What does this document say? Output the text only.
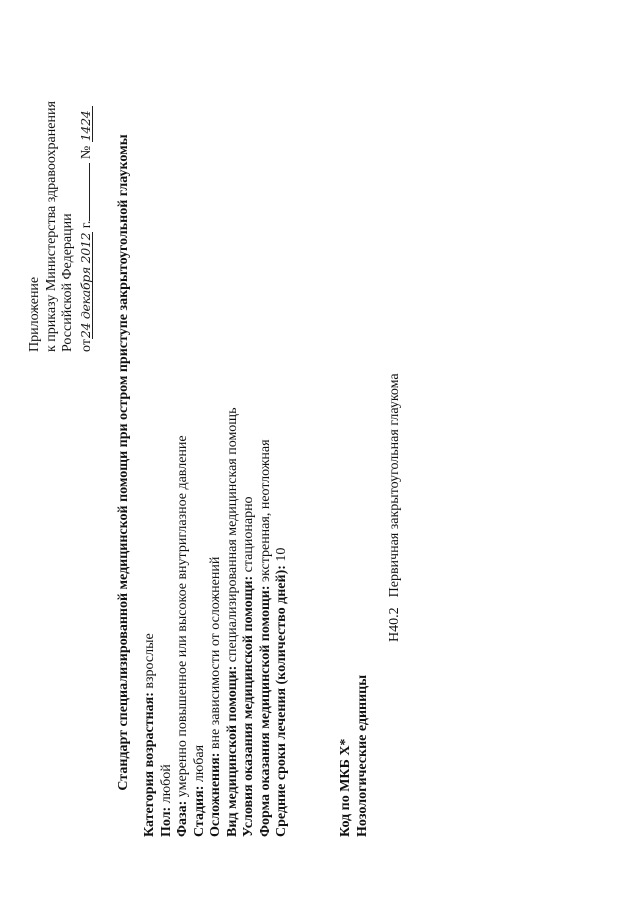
Приложение к приказу Министерства здравоохранения Российской Федерации от24 декабря 2012 г. № 1424
Стандарт специализированной медицинской помощи при остром приступе закрытоугольной глаукомы Категория возрастная: взрослые
Пол: любой
Фаза: умеренно повышенное или высокое внутриглазное давление
Стадия: любая Осложнения: вне зависимости от осложнений
Вид медицинской помощи: специализированная медицинская помощь
Условия оказания медицинской помощи: стационарно
Форма оказания медицинской помощи: экстренная, неотложная
Средние сроки лечения (количество дней): 10
Код по МКБ X* Нозологические единицы
H40.2Первичная закрытоугольная глаукома
